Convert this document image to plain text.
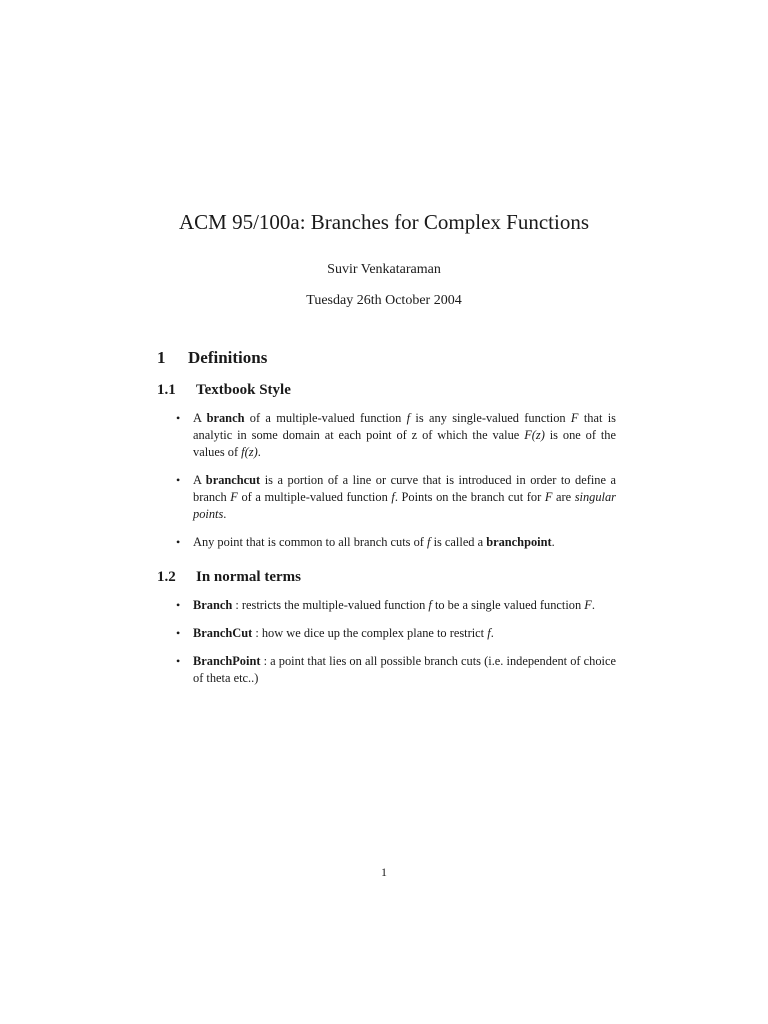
ACM 95/100a: Branches for Complex Functions
Suvir Venkataraman
Tuesday 26th October 2004
1 Definitions
1.1 Textbook Style
• A branch of a multiple-valued function f is any single-valued function F that is analytic in some domain at each point of z of which the value F(z) is one of the values of f(z).

• A branchcut is a portion of a line or curve that is introduced in order to define a branch F of a multiple-valued function f. Points on the branch cut for F are singular points.

• Any point that is common to all branch cuts of f is called a branchpoint.

1.2 In normal terms
• Branch : restricts the multiple-valued function f to be a single valued function F.

• BranchCut : how we dice up the complex plane to restrict f.

• BranchPoint : a point that lies on all possible branch cuts (i.e. independent of choice of theta etc..)

1
